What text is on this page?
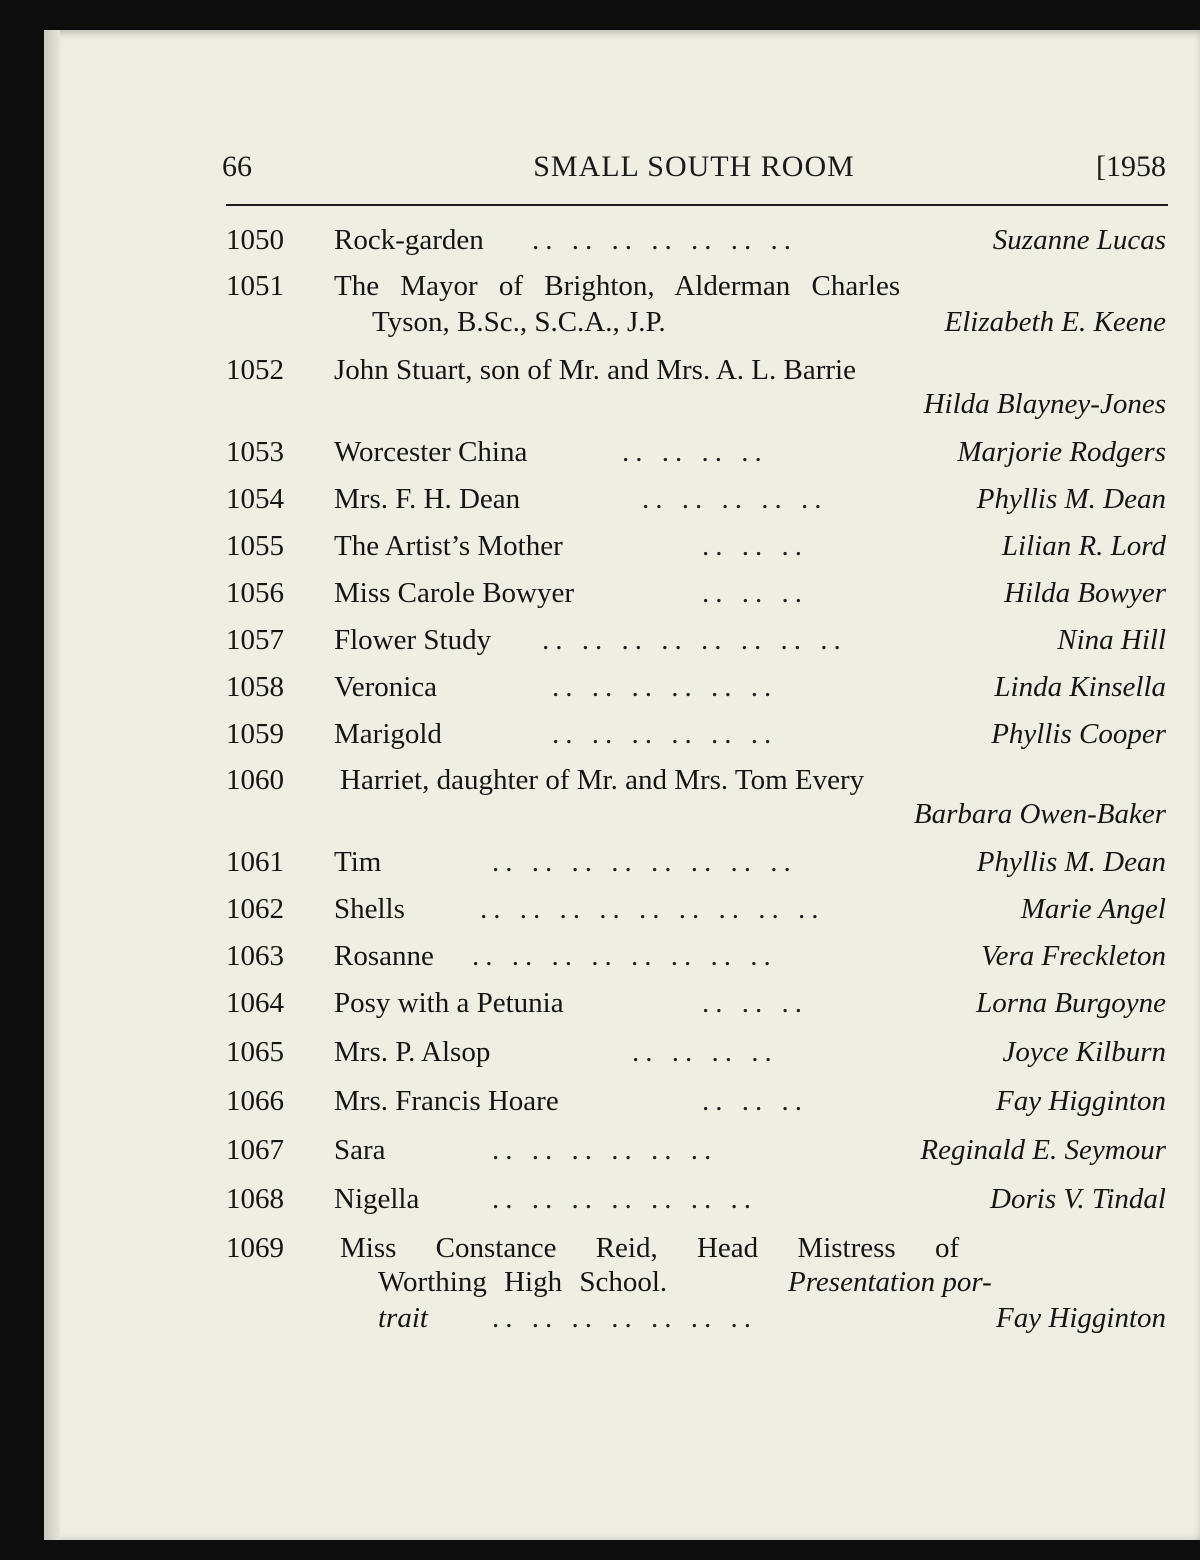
66	SMALL SOUTH ROOM	[1958
1050 Rock-garden .. .. .. .. .. .. ..	Suzanne Lucas
1051 The Mayor of Brighton, Alderman Charles
Tyson, B.Sc., S.C.A., J.P.	Elizabeth E. Keene
1052 John Stuart, son of Mr. and Mrs. A. L. Barrie
Hilda Blayney-Jones
1053 Worcester China	.. .. .. ..	Marjorie Rodgers
1054 Mrs. F. H. Dean	.. .. .. .. ..	Phyllis M. Dean
1055 The Artist’s Mother	.. .. ..	Lilian R. Lord
1056 Miss Carole Bowyer	.. .. ..	Hilda Bowyer
1057 Flower Study .. .. .. .. .. .. .. ..	Nina Hill
1058 Veronica	.. .. .. .. .. ..	Linda Kinsella
1059 Marigold	.. .. .. .. .. ..	Phyllis Cooper
1060 Harriet, daughter of Mr. and Mrs. Tom Every
Barbara Owen-Baker
1061 Tim	.. .. .. .. .. .. .. ..	Phyllis M. Dean
1062 Shells	.. .. .. .. .. .. .. .. ..	Marie Angel
1063 Rosanne .. .. .. .. .. .. .. ..	Vera Freckleton
1064 Posy with a Petunia	.. .. ..	Lorna Burgoyne
1065 Mrs. P. Alsop	.. .. .. ..	Joyce Kilburn
1066 Mrs. Francis Hoare	.. .. ..	Fay Higginton
1067 Sara	.. .. .. .. .. ..	Reginald E. Seymour
1068 Nigella	.. .. .. .. .. .. ..	Doris V. Tindal
1069 Miss Constance Reid, Head Mistress of
Worthing High School.	Presentation por-
trait .. .. .. .. .. .. ..	Fay Higginton
